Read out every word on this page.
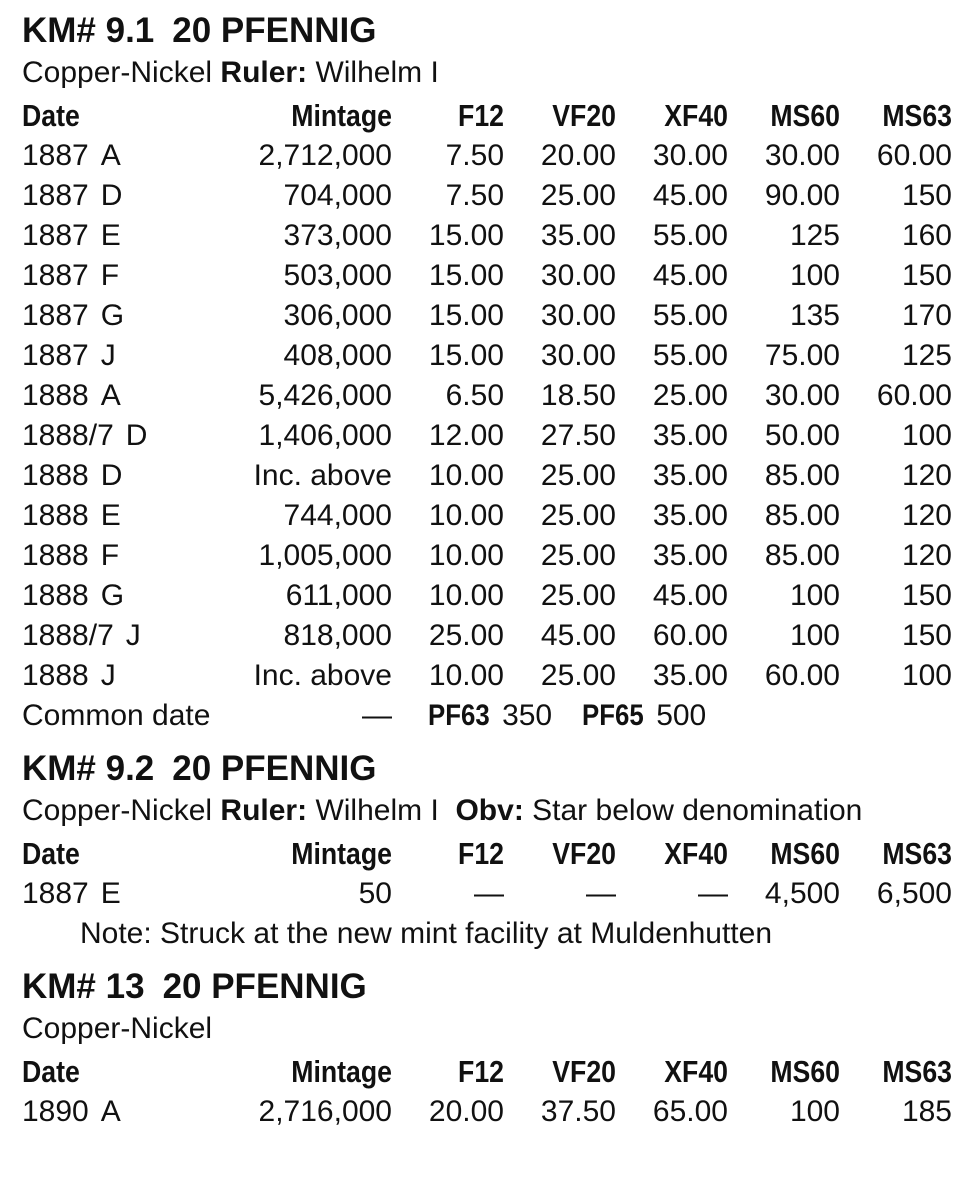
KM# 9.1 20 PFENNIG
Copper-Nickel Ruler: Wilhelm I
Date	Mintage	F12	VF20	XF40	MS60	MS63

1887 A	2,712,000	7.50	20.00	30.00	30.00	60.00

1887 D	704,000	7.50	25.00	45.00	90.00	150

1887 E	373,000	15.00	35.00	55.00	125	160

1887 F	503,000	15.00	30.00	45.00	100	150

1887 G	306,000	15.00	30.00	55.00	135	170

1887 J	408,000	15.00	30.00	55.00	75.00	125

1888 A	5,426,000	6.50	18.50	25.00	30.00	60.00

1888/7 D	1,406,000	12.00	27.50	35.00	50.00	100

1888 D	Inc. above	10.00	25.00	35.00	85.00	120

1888 E	744,000	10.00	25.00	35.00	85.00	120

1888 F	1,005,000	10.00	25.00	35.00	85.00	120

1888 G	611,000	10.00	25.00	45.00	100	150

1888/7 J	818,000	25.00	45.00	60.00	100	150

1888 J	Inc. above	10.00	25.00	35.00	60.00	100
Common date	—	PF63 350 PF65 500				
KM# 9.2 20 PFENNIG
Copper-Nickel Ruler: Wilhelm I Obv: Star below denomination
Date	Mintage	F12	VF20	XF40	MS60	MS63

1887 E	50	—	—	—	4,500	6,500
Note: Struck at the new mint facility at Muldenhutten
KM# 13 20 PFENNIG
Copper-Nickel
Date	Mintage	F12	VF20	XF40	MS60	MS63

1890 A	2,716,000	20.00	37.50	65.00	100	185
